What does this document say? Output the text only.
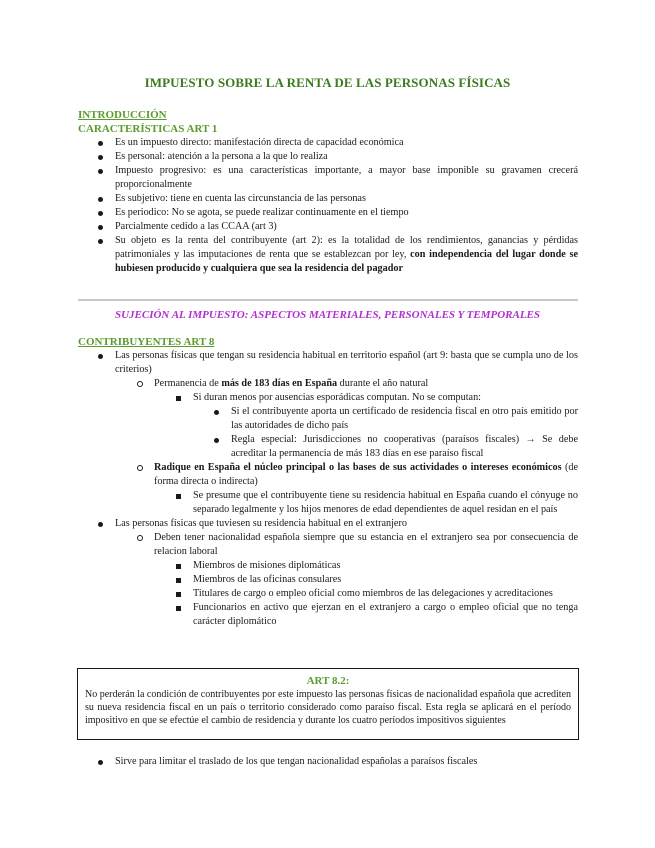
IMPUESTO SOBRE LA RENTA DE LAS PERSONAS FÍSICAS
INTRODUCCIÓN
CARACTERÍSTICAS ART 1
Es un impuesto directo: manifestación directa de capacidad económica
Es personal: atención a la persona a la que lo realiza
Impuesto progresivo: es una características importante, a mayor base imponible su gravamen crecerá proporcionalmente
Es subjetivo: tiene en cuenta las circunstancia de las personas
Es periodico: No se agota, se puede realizar continuamente en el tiempo
Parcialmente cedido a las CCAA (art 3)
Su objeto es la renta del contribuyente (art 2): es la totalidad de los rendimientos, ganancias y pérdidas patrimoniales y las imputaciones de renta que se establezcan por ley, con independencia del lugar donde se hubiesen producido y cualquiera que sea la residencia del pagador
SUJECIÓN AL IMPUESTO: ASPECTOS MATERIALES, PERSONALES Y TEMPORALES
CONTRIBUYENTES ART 8
Las personas físicas que tengan su residencia habitual en territorio español (art 9: basta que se cumpla uno de los criterios)
Permanencia de más de 183 días en España durante el año natural
Si duran menos por ausencias esporádicas computan. No se computan:
Si el contribuyente aporta un certificado de residencia fiscal en otro país emitido por las autoridades de dicho país
Regla especial: Jurisdicciones no cooperativas (paraísos fiscales) → Se debe acreditar la permanencia de más 183 días en ese paraíso fiscal
Radique en España el núcleo principal o las bases de sus actividades o intereses económicos (de forma directa o indirecta)
Se presume que el contribuyente tiene su residencia habitual en España cuando el cónyuge no separado legalmente y los hijos menores de edad dependientes de aquel residan en el país
Las personas físicas que tuviesen su residencia habitual en el extranjero
Deben tener nacionalidad española siempre que su estancia en el extranjero sea por consecuencia de relacion laboral
Miembros de misiones diplomáticas
Miembros de las oficinas consulares
Titulares de cargo o empleo oficial como miembros de las delegaciones y acreditaciones
Funcionarios en activo que ejerzan en el extranjero a cargo o empleo oficial que no tenga carácter diplomático
ART 8.2:
No perderán la condición de contribuyentes por este impuesto las personas físicas de nacionalidad española que acrediten su nueva residencia fiscal en un país o territorio considerado como paraíso fiscal. Esta regla se aplicará en el período impositivo en que se efectúe el cambio de residencia y durante los cuatro períodos impositivos siguientes
Sirve para limitar el traslado de los que tengan nacionalidad españolas a paraísos fiscales
